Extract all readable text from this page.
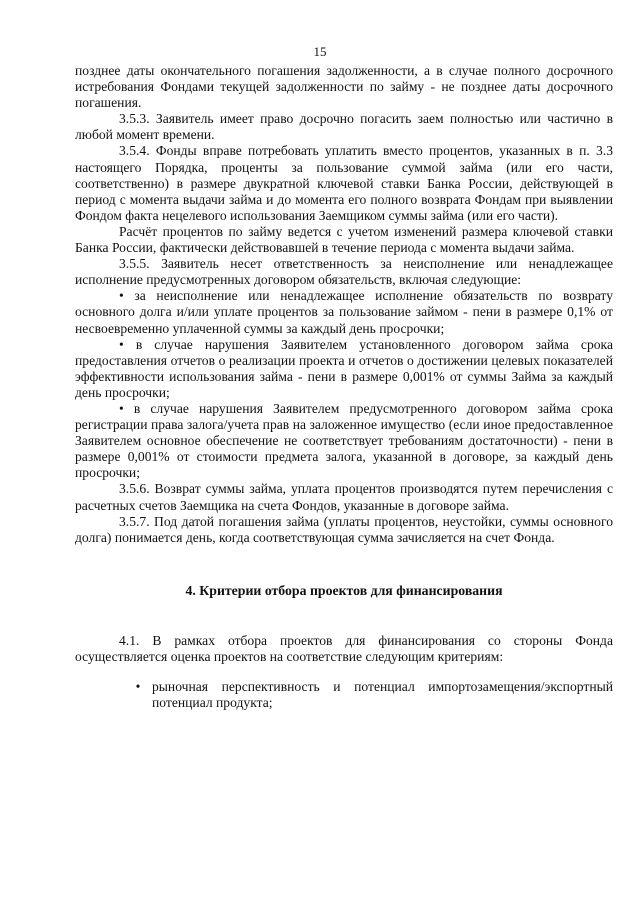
15

позднее даты окончательного погашения задолженности, а в случае полного досрочного истребования Фондами текущей задолженности по займу - не позднее даты досрочного погашения.

3.5.3. Заявитель имеет право досрочно погасить заем полностью или частично в любой момент времени.

3.5.4. Фонды вправе потребовать уплатить вместо процентов, указанных в п. 3.3 настоящего Порядка, проценты за пользование суммой займа (или его части, соответственно) в размере двукратной ключевой ставки Банка России, действующей в период с момента выдачи займа и до момента его полного возврата Фондам при выявлении Фондом факта нецелевого использования Заемщиком суммы займа (или его части).

Расчёт процентов по займу ведется с учетом изменений размера ключевой ставки Банка России, фактически действовавшей в течение периода с момента выдачи займа.

3.5.5. Заявитель несет ответственность за неисполнение или ненадлежащее исполнение предусмотренных договором обязательств, включая следующие:

• за неисполнение или ненадлежащее исполнение обязательств по возврату основного долга и/или уплате процентов за пользование займом - пени в размере 0,1% от несвоевременно уплаченной суммы за каждый день просрочки;

• в случае нарушения Заявителем установленного договором займа срока предоставления отчетов о реализации проекта и отчетов о достижении целевых показателей эффективности использования займа - пени в размере 0,001% от суммы Займа за каждый день просрочки;

• в случае нарушения Заявителем предусмотренного договором займа срока регистрации права залога/учета прав на заложенное имущество (если иное предоставленное Заявителем основное обеспечение не соответствует требованиям достаточности) - пени в размере 0,001% от стоимости предмета залога, указанной в договоре, за каждый день просрочки;

3.5.6. Возврат суммы займа, уплата процентов производятся путем перечисления с расчетных счетов Заемщика на счета Фондов, указанные в договоре займа.

3.5.7. Под датой погашения займа (уплаты процентов, неустойки, суммы основного долга) понимается день, когда соответствующая сумма зачисляется на счет Фонда.

4. Критерии отбора проектов для финансирования

4.1. В рамках отбора проектов для финансирования со стороны Фонда осуществляется оценка проектов на соответствие следующим критериям:

• рыночная перспективность и потенциал импортозамещения/экспортный потенциал продукта;
